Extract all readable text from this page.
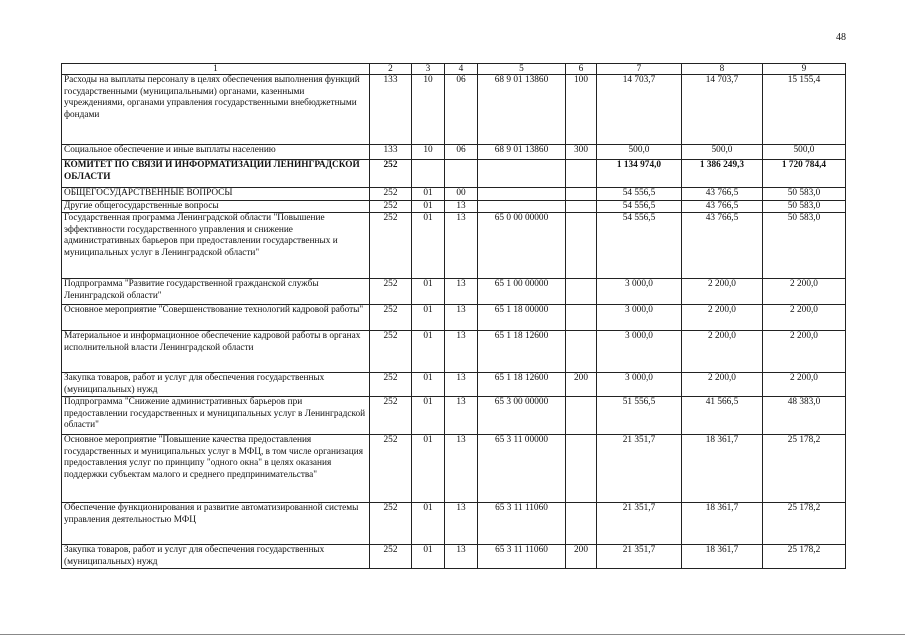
48
1	2	3	4	5	6	7	8	9
Расходы на выплаты персоналу в целях обеспечения выполнения функций государственными (муниципальными) органами, казенными учреждениями, органами управления государственными внебюджетными фондами	133	10	06	68 9 01 13860	100	14 703,7	14 703,7	15 155,4
Социальное обеспечение и иные выплаты населению	133	10	06	68 9 01 13860	300	500,0	500,0	500,0
КОМИТЕТ ПО СВЯЗИ И ИНФОРМАТИЗАЦИИ ЛЕНИНГРАДСКОЙ ОБЛАСТИ	252					1 134 974,0	1 386 249,3	1 720 784,4
ОБЩЕГОСУДАРСТВЕННЫЕ ВОПРОСЫ	252	01	00			54 556,5	43 766,5	50 583,0
Другие общегосударственные вопросы	252	01	13			54 556,5	43 766,5	50 583,0
Государственная программа Ленинградской области "Повышение эффективности государственного управления и снижение административных барьеров при предоставлении государственных и муниципальных услуг в Ленинградской области"	252	01	13	65 0 00 00000		54 556,5	43 766,5	50 583,0
Подпрограмма "Развитие государственной гражданской службы Ленинградской области"	252	01	13	65 1 00 00000		3 000,0	2 200,0	2 200,0
Основное мероприятие "Совершенствование технологий кадровой работы"	252	01	13	65 1 18 00000		3 000,0	2 200,0	2 200,0
Материальное и информационное обеспечение кадровой работы в органах исполнительной власти Ленинградской области	252	01	13	65 1 18 12600		3 000,0	2 200,0	2 200,0
Закупка товаров, работ и услуг для обеспечения государственных (муниципальных) нужд	252	01	13	65 1 18 12600	200	3 000,0	2 200,0	2 200,0
Подпрограмма "Снижение административных барьеров при предоставлении государственных и муниципальных услуг в Ленинградской области"	252	01	13	65 3 00 00000		51 556,5	41 566,5	48 383,0
Основное мероприятие "Повышение качества предоставления государственных и муниципальных услуг в МФЦ, в том числе организация предоставления услуг по принципу "одного окна" в целях оказания поддержки субъектам малого и среднего предпринимательства"	252	01	13	65 3 11 00000		21 351,7	18 361,7	25 178,2
Обеспечение функционирования и развитие автоматизированной системы управления деятельностью МФЦ	252	01	13	65 3 11 11060		21 351,7	18 361,7	25 178,2
Закупка товаров, работ и услуг для обеспечения государственных (муниципальных) нужд	252	01	13	65 3 11 11060	200	21 351,7	18 361,7	25 178,2
